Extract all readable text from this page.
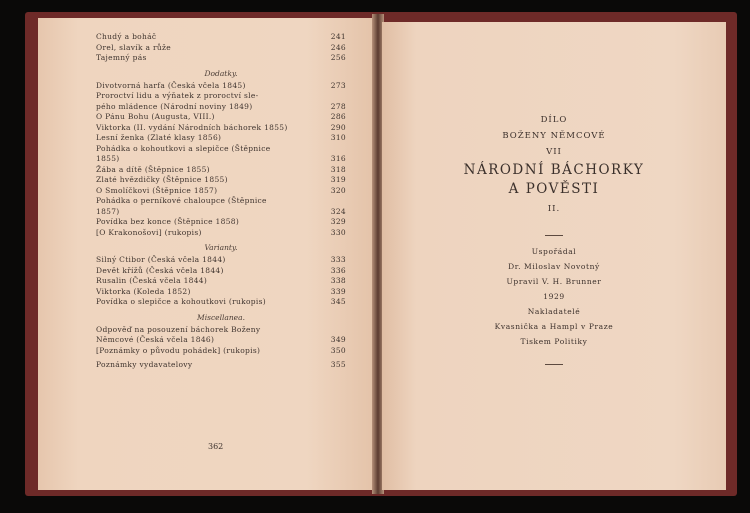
Chudý a boháč	241
Orel, slavík a růže	246
Tajemný pás	256
Dodatky.
Divotvorná harfa (Česká včela 1845)	273
Proroctví lidu a výňatek z proroctví sle-
pého mládence (Národní noviny 1849)	278
O Pánu Bohu (Augusta, VIII.)	286
Viktorka (II. vydání Národních báchorek 1855)	290
Lesní ženka (Zlaté klasy 1856)	310
Pohádka o kohoutkovi a slepičce (Štěpnice
1855)	316
Žába a dítě (Štěpnice 1855)	318
Zlaté hvězdičky (Štěpnice 1855)	319
O Smolíčkovi (Štěpnice 1857)	320
Pohádka o perníkové chaloupce (Štěpnice
1857)	324
Povídka bez konce (Štěpnice 1858)	329
[O Krakonošovi] (rukopis)	330
Varianty.
Silný Ctibor (Česká včela 1844)	333
Devět křížů (Česká včela 1844)	336
Rusalin (Česká včela 1844)	338
Viktorka (Koleda 1852)	339
Povídka o slepičce a kohoutkovi (rukopis)	345
Miscellanea.
Odpověď na posouzení báchorek Boženy
Němcové (Česká včela 1846)	349
[Poznámky o původu pohádek] (rukopis)	350
Poznámky vydavatelovy	355
362
DÍLO
BOŽENY NĚMCOVÉ
VII
NÁRODNÍ BÁCHORKY
A POVĚSTI
II.
Uspořádal
Dr. Miloslav Novotný
Upravil V. H. Brunner
1929
Nakladatelé
Kvasnička a Hampl v Praze
Tiskem Politiky
